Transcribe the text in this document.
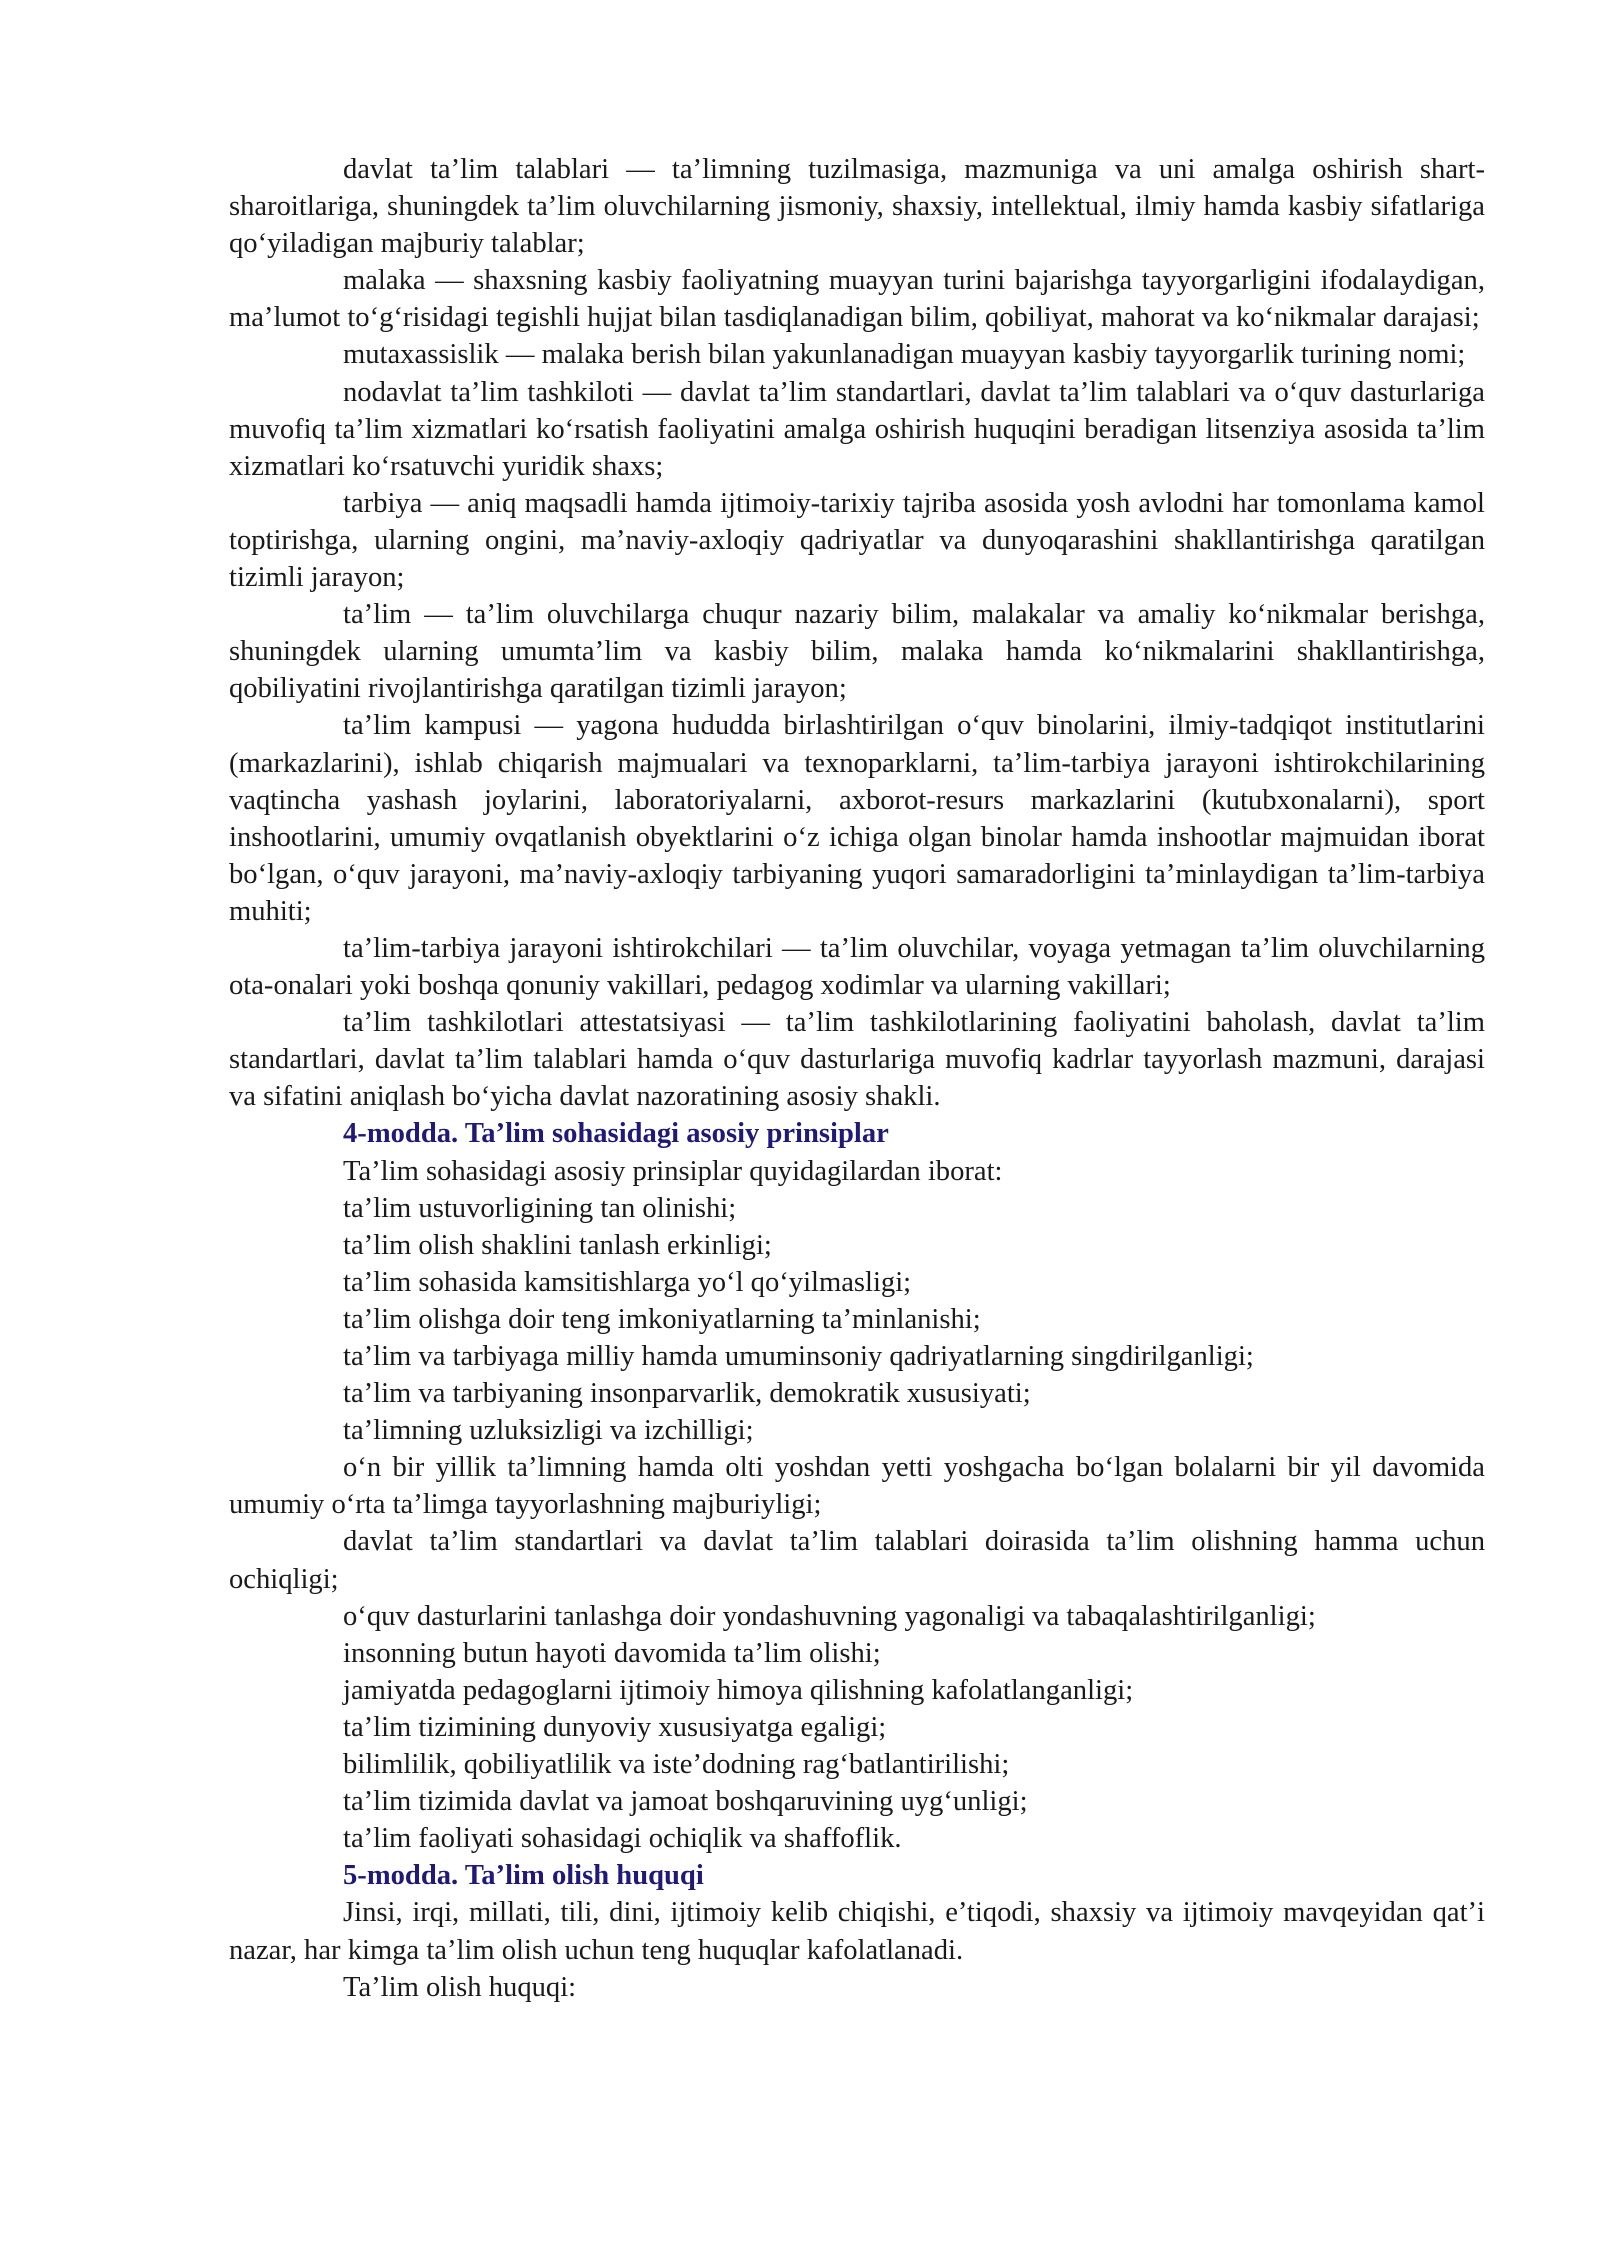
davlat ta’lim talablari — ta’limning tuzilmasiga, mazmuniga va uni amalga oshirish shart-sharoitlariga, shuningdek ta’lim oluvchilarning jismoniy, shaxsiy, intellektual, ilmiy hamda kasbiy sifatlariga qo‘yiladigan majburiy talablar;

malaka — shaxsning kasbiy faoliyatning muayyan turini bajarishga tayyorgarligini ifodalaydigan, ma’lumot to‘g‘risidagi tegishli hujjat bilan tasdiqlanadigan bilim, qobiliyat, mahorat va ko‘nikmalar darajasi;

mutaxassislik — malaka berish bilan yakunlanadigan muayyan kasbiy tayyorgarlik turining nomi;

nodavlat ta’lim tashkiloti — davlat ta’lim standartlari, davlat ta’lim talablari va o‘quv dasturlariga muvofiq ta’lim xizmatlari ko‘rsatish faoliyatini amalga oshirish huquqini beradigan litsenziya asosida ta’lim xizmatlari ko‘rsatuvchi yuridik shaxs;

tarbiya — aniq maqsadli hamda ijtimoiy-tarixiy tajriba asosida yosh avlodni har tomonlama kamol toptirishga, ularning ongini, ma’naviy-axloqiy qadriyatlar va dunyoqarashini shakllantirishga qaratilgan tizimli jarayon;

ta’lim — ta’lim oluvchilarga chuqur nazariy bilim, malakalar va amaliy ko‘nikmalar berishga, shuningdek ularning umumta’lim va kasbiy bilim, malaka hamda ko‘nikmalarini shakllantirishga, qobiliyatini rivojlantirishga qaratilgan tizimli jarayon;

ta’lim kampusi — yagona hududda birlashtirilgan o‘quv binolarini, ilmiy-tadqiqot institutlarini (markazlarini), ishlab chiqarish majmualari va texnoparklarni, ta’lim-tarbiya jarayoni ishtirokchilarining vaqtincha yashash joylarini, laboratoriyalarni, axborot-resurs markazlarini (kutubxonalarni), sport inshootlarini, umumiy ovqatlanish obyektlarini o‘z ichiga olgan binolar hamda inshootlar majmuidan iborat bo‘lgan, o‘quv jarayoni, ma’naviy-axloqiy tarbiyaning yuqori samaradorligini ta’minlaydigan ta’lim-tarbiya muhiti;

ta’lim-tarbiya jarayoni ishtirokchilari — ta’lim oluvchilar, voyaga yetmagan ta’lim oluvchilarning ota-onalari yoki boshqa qonuniy vakillari, pedagog xodimlar va ularning vakillari;

ta’lim tashkilotlari attestatsiyasi — ta’lim tashkilotlarining faoliyatini baholash, davlat ta’lim standartlari, davlat ta’lim talablari hamda o‘quv dasturlariga muvofiq kadrlar tayyorlash mazmuni, darajasi va sifatini aniqlash bo‘yicha davlat nazoratining asosiy shakli.

4-modda. Ta’lim sohasidagi asosiy prinsiplar

Ta’lim sohasidagi asosiy prinsiplar quyidagilardan iborat:

ta’lim ustuvorligining tan olinishi;

ta’lim olish shaklini tanlash erkinligi;

ta’lim sohasida kamsitishlarga yo‘l qo‘yilmasligi;

ta’lim olishga doir teng imkoniyatlarning ta’minlanishi;

ta’lim va tarbiyaga milliy hamda umuminsoniy qadriyatlarning singdirilganligi;

ta’lim va tarbiyaning insonparvarlik, demokratik xususiyati;

ta’limning uzluksizligi va izchilligi;

o‘n bir yillik ta’limning hamda olti yoshdan yetti yoshgacha bo‘lgan bolalarni bir yil davomida umumiy o‘rta ta’limga tayyorlashning majburiyligi;

davlat ta’lim standartlari va davlat ta’lim talablari doirasida ta’lim olishning hamma uchun ochiqligi;

o‘quv dasturlarini tanlashga doir yondashuvning yagonaligi va tabaqalashtirilganligi;

insonning butun hayoti davomida ta’lim olishi;

jamiyatda pedagoglarni ijtimoiy himoya qilishning kafolatlanganligi;

ta’lim tizimining dunyoviy xususiyatga egaligi;

bilimlilik, qobiliyatlilik va iste’dodning rag‘batlantirilishi;

ta’lim tizimida davlat va jamoat boshqaruvining uyg‘unligi;

ta’lim faoliyati sohasidagi ochiqlik va shaffoflik.

5-modda. Ta’lim olish huquqi

Jinsi, irqi, millati, tili, dini, ijtimoiy kelib chiqishi, e’tiqodi, shaxsiy va ijtimoiy mavqeyidan qat’i nazar, har kimga ta’lim olish uchun teng huquqlar kafolatlanadi.

Ta’lim olish huquqi:
